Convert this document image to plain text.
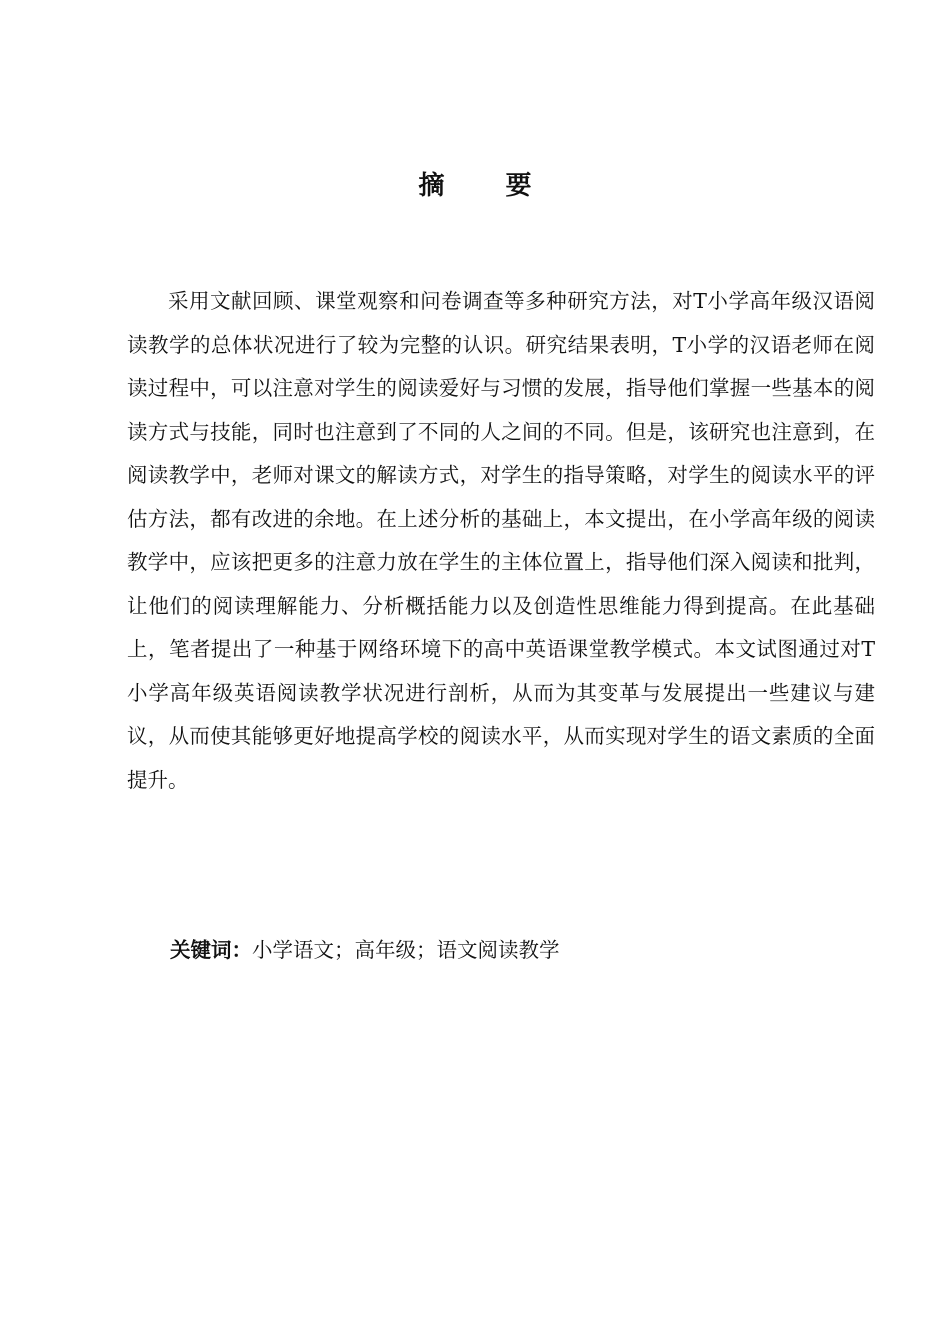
摘 要
采用文献回顾、课堂观察和问卷调查等多种研究方法，对T小学高年级汉语阅读教学的总体状况进行了较为完整的认识。研究结果表明，T小学的汉语老师在阅读过程中，可以注意对学生的阅读爱好与习惯的发展，指导他们掌握一些基本的阅读方式与技能，同时也注意到了不同的人之间的不同。但是，该研究也注意到，在阅读教学中，老师对课文的解读方式，对学生的指导策略，对学生的阅读水平的评估方法，都有改进的余地。在上述分析的基础上，本文提出，在小学高年级的阅读教学中，应该把更多的注意力放在学生的主体位置上，指导他们深入阅读和批判，让他们的阅读理解能力、分析概括能力以及创造性思维能力得到提高。在此基础上，笔者提出了一种基于网络环境下的高中英语课堂教学模式。本文试图通过对T小学高年级英语阅读教学状况进行剖析，从而为其变革与发展提出一些建议与建议，从而使其能够更好地提高学校的阅读水平，从而实现对学生的语文素质的全面提升。
关键词：小学语文；高年级；语文阅读教学
